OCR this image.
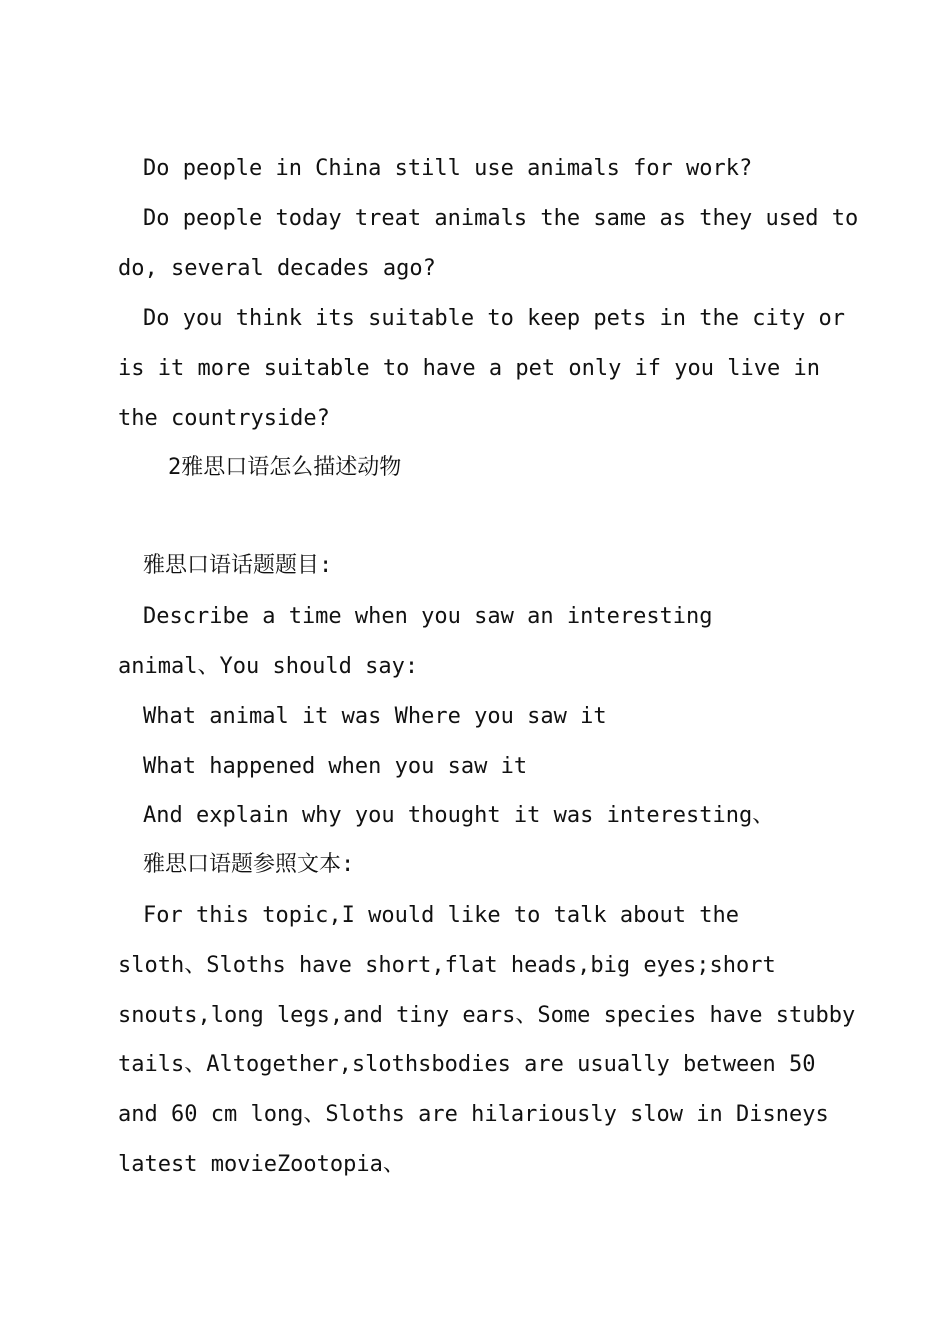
Do people in China still use animals for work?
Do people today treat animals the same as they used to
do, several decades ago?
Do you think its suitable to keep pets in the city or
is it more suitable to have a pet only if you live in
the countryside?
2雅思口语怎么描述动物
雅思口语话题题目:
Describe a time when you saw an interesting
animal、You should say:
What animal it was Where you saw it
What happened when you saw it
And explain why you thought it was interesting、
雅思口语题参照文本:
For this topic,I would like to talk about the
sloth、Sloths have short,flat heads,big eyes;short
snouts,long legs,and tiny ears、Some species have stubby
tails、Altogether,slothsbodies are usually between 50
and 60 cm long、Sloths are hilariously slow in Disneys
latest movieZootopia、
